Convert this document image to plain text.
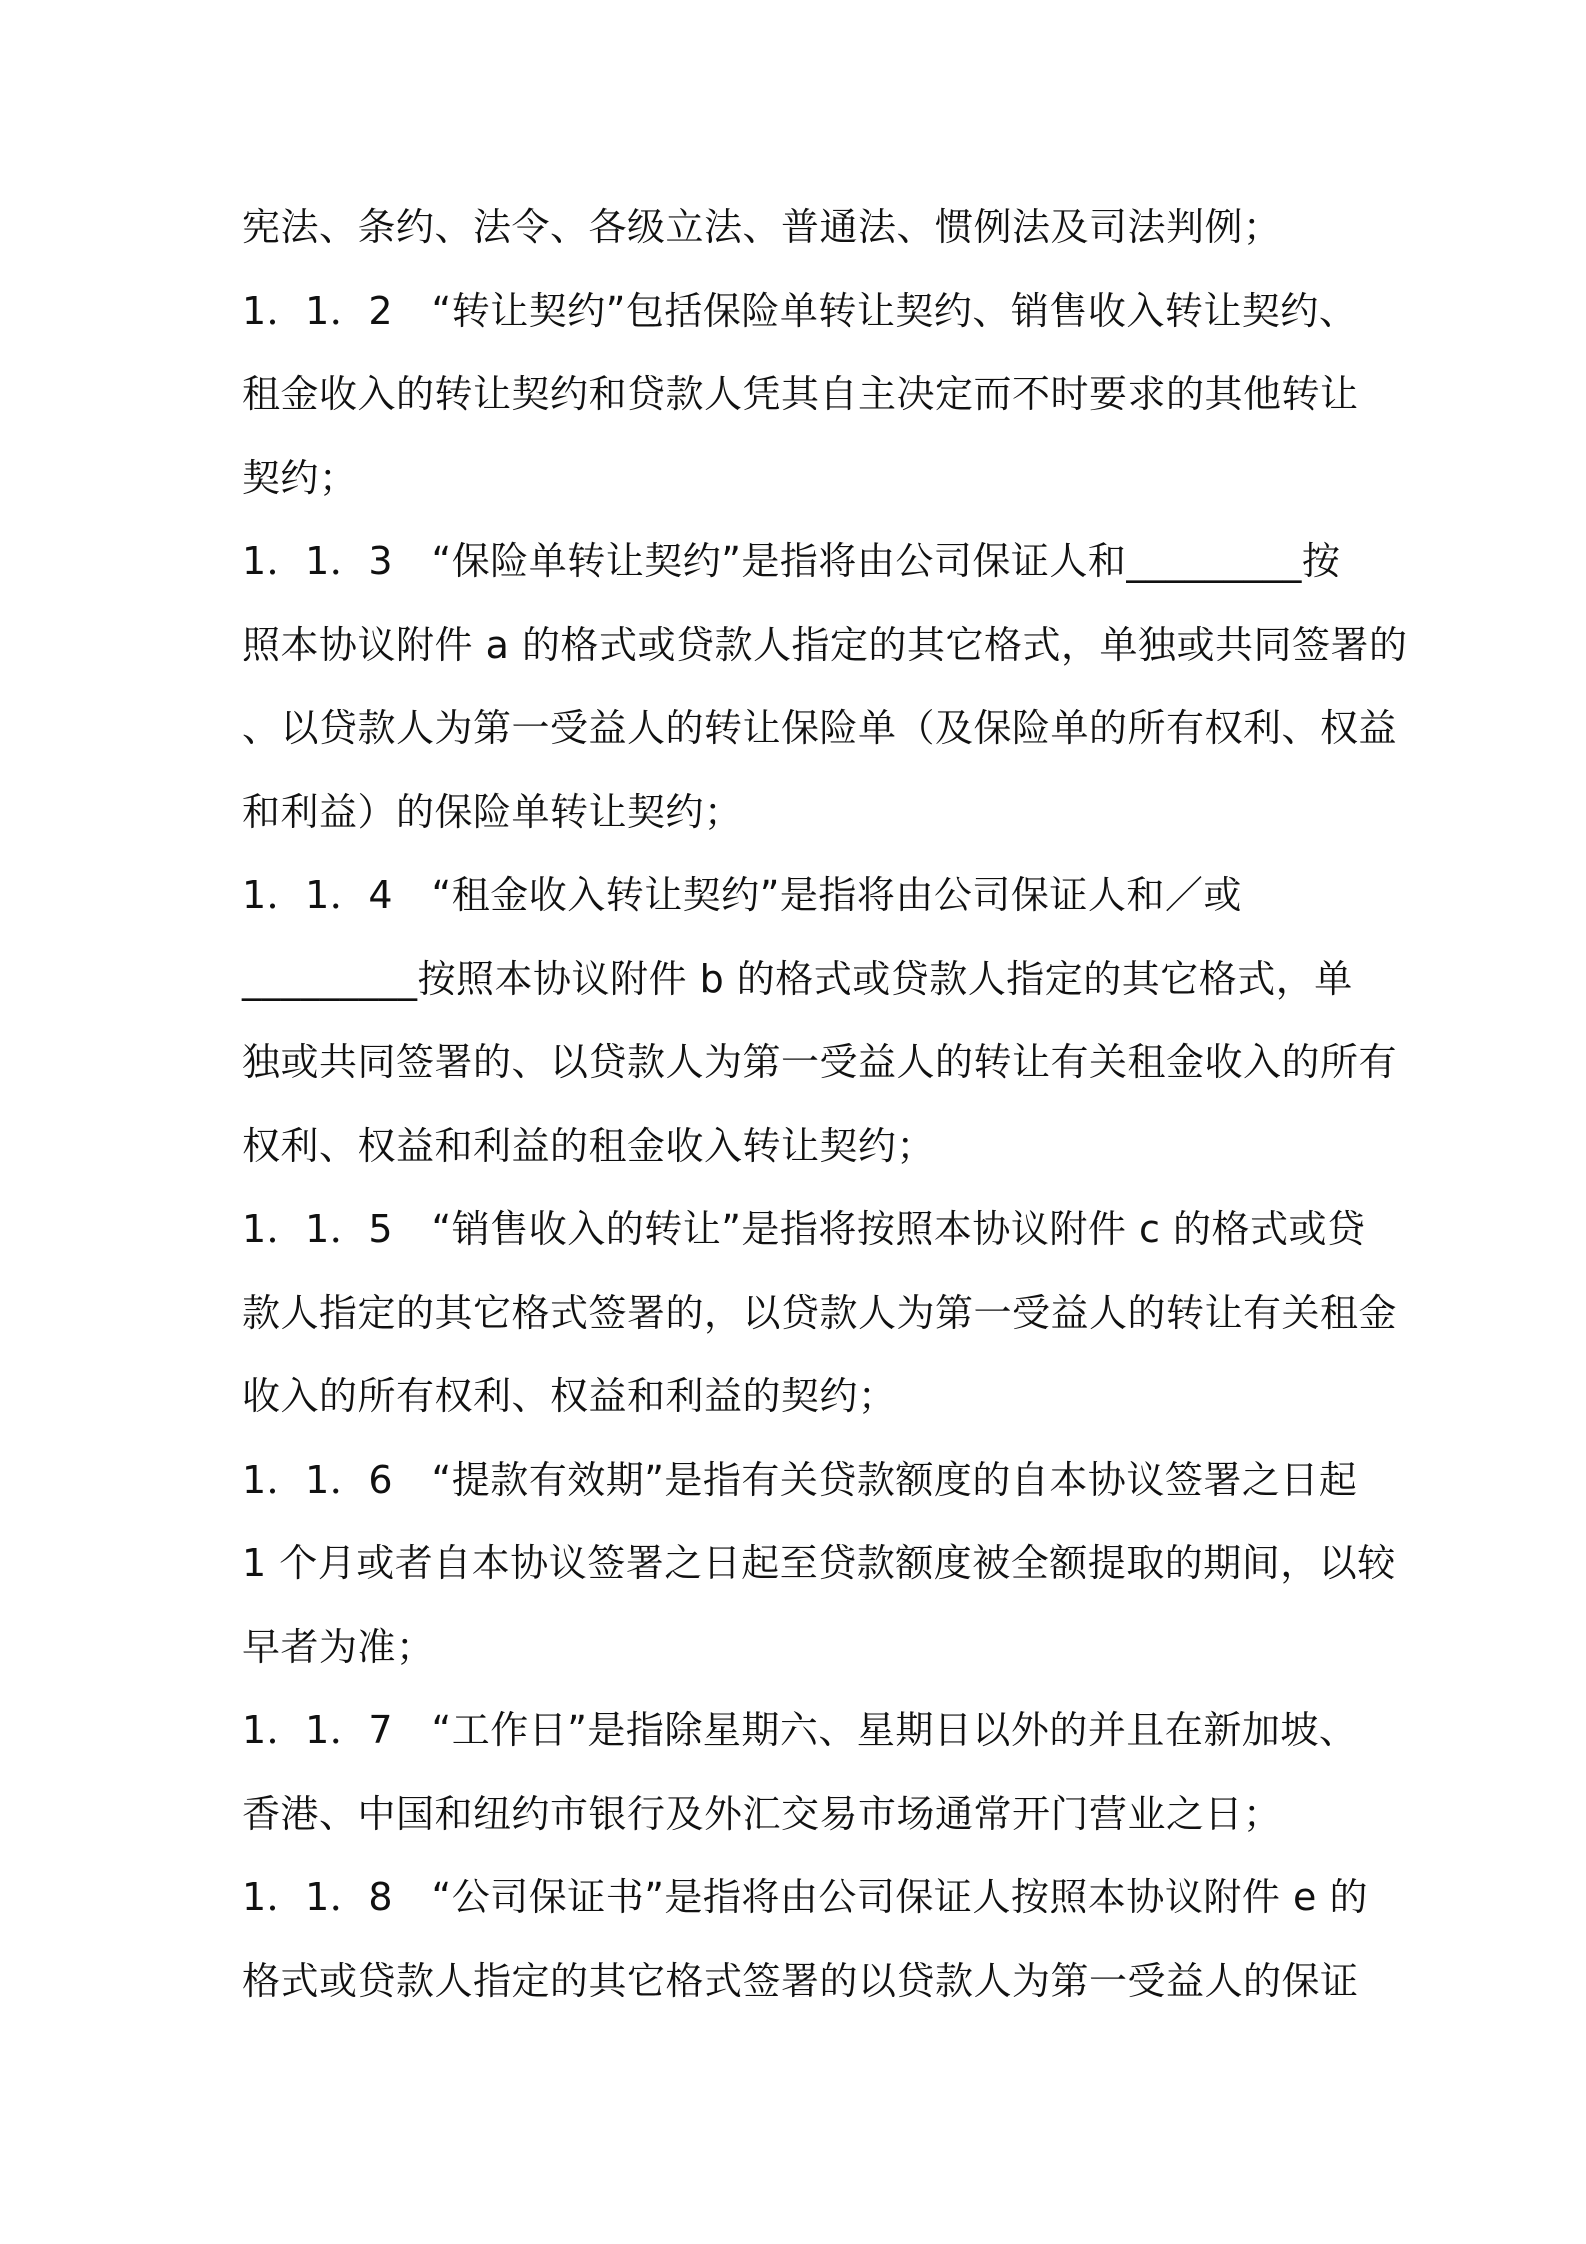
宪法、条约、法令、各级立法、普通法、惯例法及司法判例；
1．1．2　“转让契约”包括保险单转让契约、销售收入转让契约、
租金收入的转让契约和贷款人凭其自主决定而不时要求的其他转让
契约；
1．1．3　“保险单转让契约”是指将由公司保证人和_________按
照本协议附件 a 的格式或贷款人指定的其它格式，单独或共同签署的
、以贷款人为第一受益人的转让保险单（及保险单的所有权利、权益
和利益）的保险单转让契约；
1．1．4　“租金收入转让契约”是指将由公司保证人和／或
_________按照本协议附件 b 的格式或贷款人指定的其它格式，单
独或共同签署的、以贷款人为第一受益人的转让有关租金收入的所有
权利、权益和利益的租金收入转让契约；
1．1．5　“销售收入的转让”是指将按照本协议附件 c 的格式或贷
款人指定的其它格式签署的，以贷款人为第一受益人的转让有关租金
收入的所有权利、权益和利益的契约；
1．1．6　“提款有效期”是指有关贷款额度的自本协议签署之日起
1 个月或者自本协议签署之日起至贷款额度被全额提取的期间，以较
早者为准；
1．1．7　“工作日”是指除星期六、星期日以外的并且在新加坡、
香港、中国和纽约市银行及外汇交易市场通常开门营业之日；
1．1．8　“公司保证书”是指将由公司保证人按照本协议附件 e 的
格式或贷款人指定的其它格式签署的以贷款人为第一受益人的保证
